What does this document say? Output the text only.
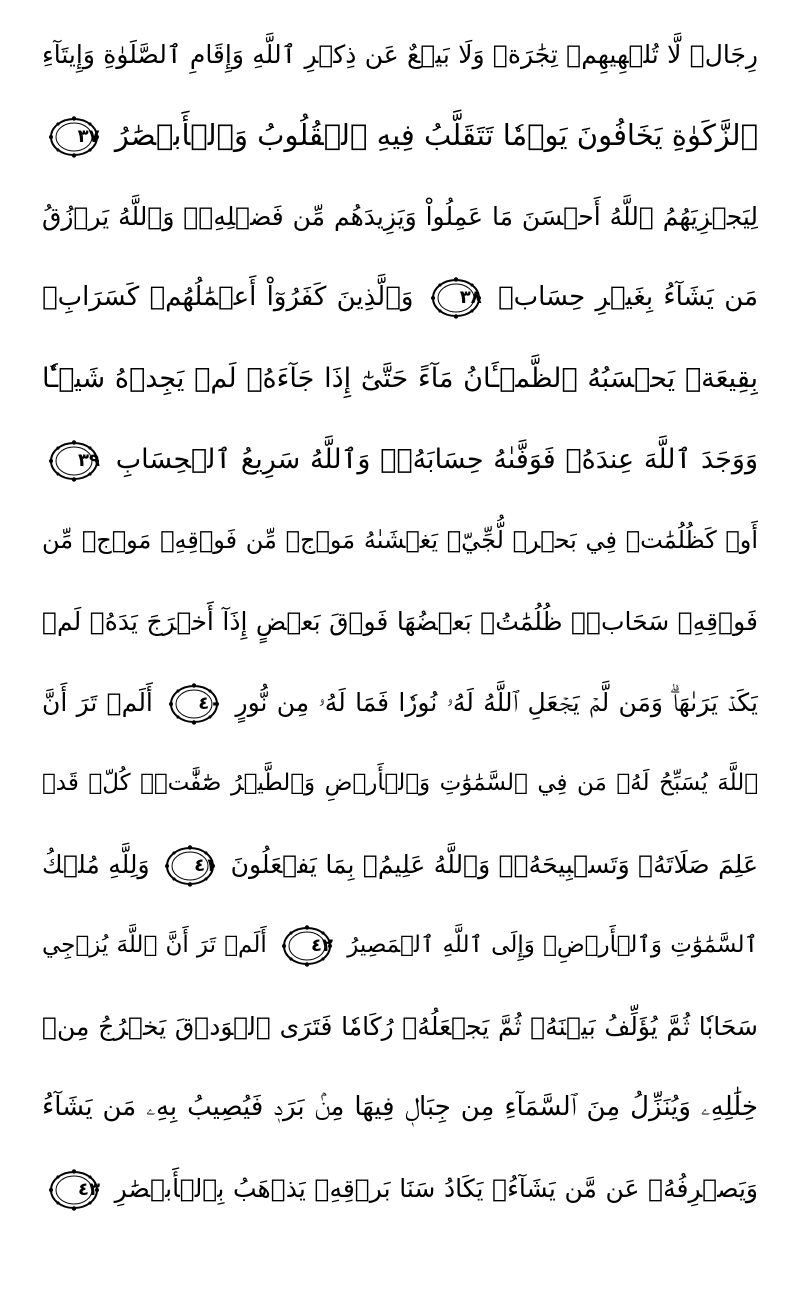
رِجَالٞ لَّا تُلۡهِيهِمۡ تِجَٰرَةٞ وَلَا بَيۡعٌ عَن ذِكۡرِ ٱللَّهِ وَإِقَامِ ٱلصَّلَوٰةِ وَإِيتَآءِ
ٱلزَّكَوٰةِ يَخَافُونَ يَوۡمٗا تَتَقَلَّبُ فِيهِ ٱلۡقُلُوبُ وَٱلۡأَبۡصَٰرُ
٣٧
لِيَجۡزِيَهُمُ ٱللَّهُ أَحۡسَنَ مَا عَمِلُواْ وَيَزِيدَهُم مِّن فَضۡلِهِۦۗ وَٱللَّهُ يَرۡزُقُ
مَن يَشَآءُ بِغَيۡرِ حِسَابٖ
٣٨
وَٱلَّذِينَ كَفَرُوٓاْ أَعۡمَٰلُهُمۡ كَسَرَابِۭ
بِقِيعَةٖ يَحۡسَبُهُ ٱلظَّمۡـَٔانُ مَآءً حَتَّىٰٓ إِذَا جَآءَهُۥ لَمۡ يَجِدۡهُ شَيۡـٔٗا
وَوَجَدَ ٱللَّهَ عِندَهُۥ فَوَفَّىٰهُ حِسَابَهُۥۗ وَٱللَّهُ سَرِيعُ ٱلۡحِسَابِ
٣٩
أَوۡ كَظُلُمَٰتٖ فِي بَحۡرٖ لُّجِّيّٖ يَغۡشَىٰهُ مَوۡجٞ مِّن فَوۡقِهِۦ مَوۡجٞ مِّن
فَوۡقِهِۦ سَحَابٞۚ ظُلُمَٰتُۢ بَعۡضُهَا فَوۡقَ بَعۡضٍ إِذَآ أَخۡرَجَ يَدَهُۥ لَمۡ
يَكَدۡ يَرَىٰهَاۗ وَمَن لَّمۡ يَجۡعَلِ ٱللَّهُ لَهُۥ نُورٗا فَمَا لَهُۥ مِن نُّورٍ
٤٠
أَلَمۡ تَرَ أَنَّ
ٱللَّهَ يُسَبِّحُ لَهُۥ مَن فِي ٱلسَّمَٰوَٰتِ وَٱلۡأَرۡضِ وَٱلطَّيۡرُ صَٰٓفَّٰتٖۖ كُلّٞ قَدۡ
عَلِمَ صَلَاتَهُۥ وَتَسۡبِيحَهُۥۗ وَٱللَّهُ عَلِيمُۢ بِمَا يَفۡعَلُونَ
٤١
وَلِلَّهِ مُلۡكُ
ٱلسَّمَٰوَٰتِ وَٱلۡأَرۡضِۖ وَإِلَى ٱللَّهِ ٱلۡمَصِيرُ
٤٢
أَلَمۡ تَرَ أَنَّ ٱللَّهَ يُزۡجِي
سَحَابٗا ثُمَّ يُؤَلِّفُ بَيۡنَهُۥ ثُمَّ يَجۡعَلُهُۥ رُكَامٗا فَتَرَى ٱلۡوَدۡقَ يَخۡرُجُ مِنۡ
خِلَٰلِهِۦ وَيُنَزِّلُ مِنَ ٱلسَّمَآءِ مِن جِبَالٖ فِيهَا مِنۢ بَرَدٖ فَيُصِيبُ بِهِۦ مَن يَشَآءُ
وَيَصۡرِفُهُۥ عَن مَّن يَشَآءُۖ يَكَادُ سَنَا بَرۡقِهِۦ يَذۡهَبُ بِٱلۡأَبۡصَٰرِ
٤٣
